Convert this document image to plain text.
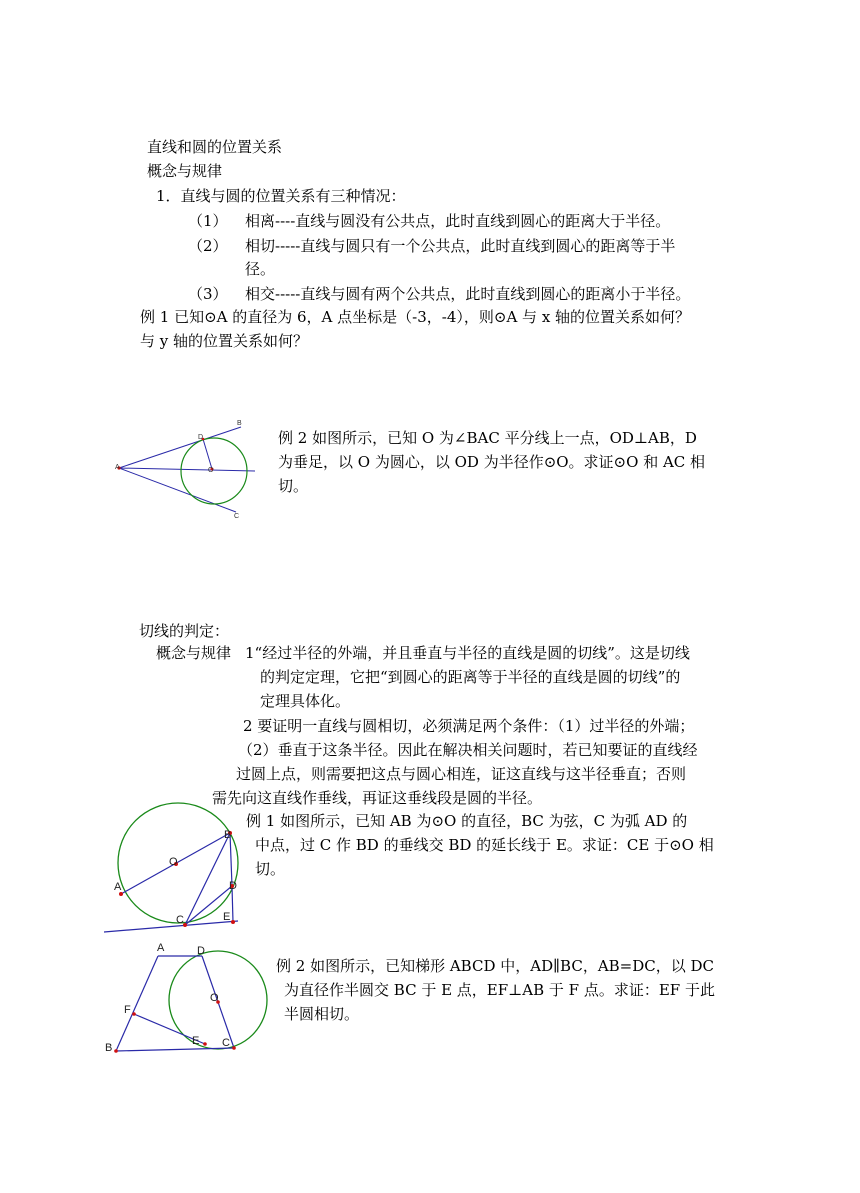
直线和圆的位置关系
概念与规律
1．直线与圆的位置关系有三种情况：
（1） 相离----直线与圆没有公共点，此时直线到圆心的距离大于半径。
（2） 相切-----直线与圆只有一个公共点，此时直线到圆心的距离等于半
径。
（3） 相交-----直线与圆有两个公共点，此时直线到圆心的距离小于半径。
例 1 已知⊙A 的直径为 6，A 点坐标是（-3，-4），则⊙A 与 x 轴的位置关系如何？
与 y 轴的位置关系如何？
A
B
C
D
O
例 2 如图所示，已知 O 为∠BAC 平分线上一点，OD⊥AB，D
为垂足，以 O 为圆心，以 OD 为半径作⊙O。求证⊙O 和 AC 相
切。
切线的判定：
概念与规律 1“经过半径的外端，并且垂直与半径的直线是圆的切线”。这是切线
的判定定理，它把“到圆心的距离等于半径的直线是圆的切线”的
定理具体化。
2 要证明一直线与圆相切，必须满足两个条件：（1）过半径的外端；
（2）垂直于这条半径。因此在解决相关问题时，若已知要证的直线经
过圆上点，则需要把这点与圆心相连，证这直线与这半径垂直；否则
需先向这直线作垂线，再证这垂线段是圆的半径。
A
B
C
D
E
O
例 1 如图所示，已知 AB 为⊙O 的直径，BC 为弦，C 为弧 AD 的
中点，过 C 作 BD 的垂线交 BD 的延长线于 E。求证：CE 于⊙O 相
切。
A	D
F
B
E C
O
例 2 如图所示，已知梯形 ABCD 中，AD∥BC，AB=DC，以 DC
为直径作半圆交 BC 于 E 点，EF⊥AB 于 F 点。求证：EF 于此
半圆相切。
